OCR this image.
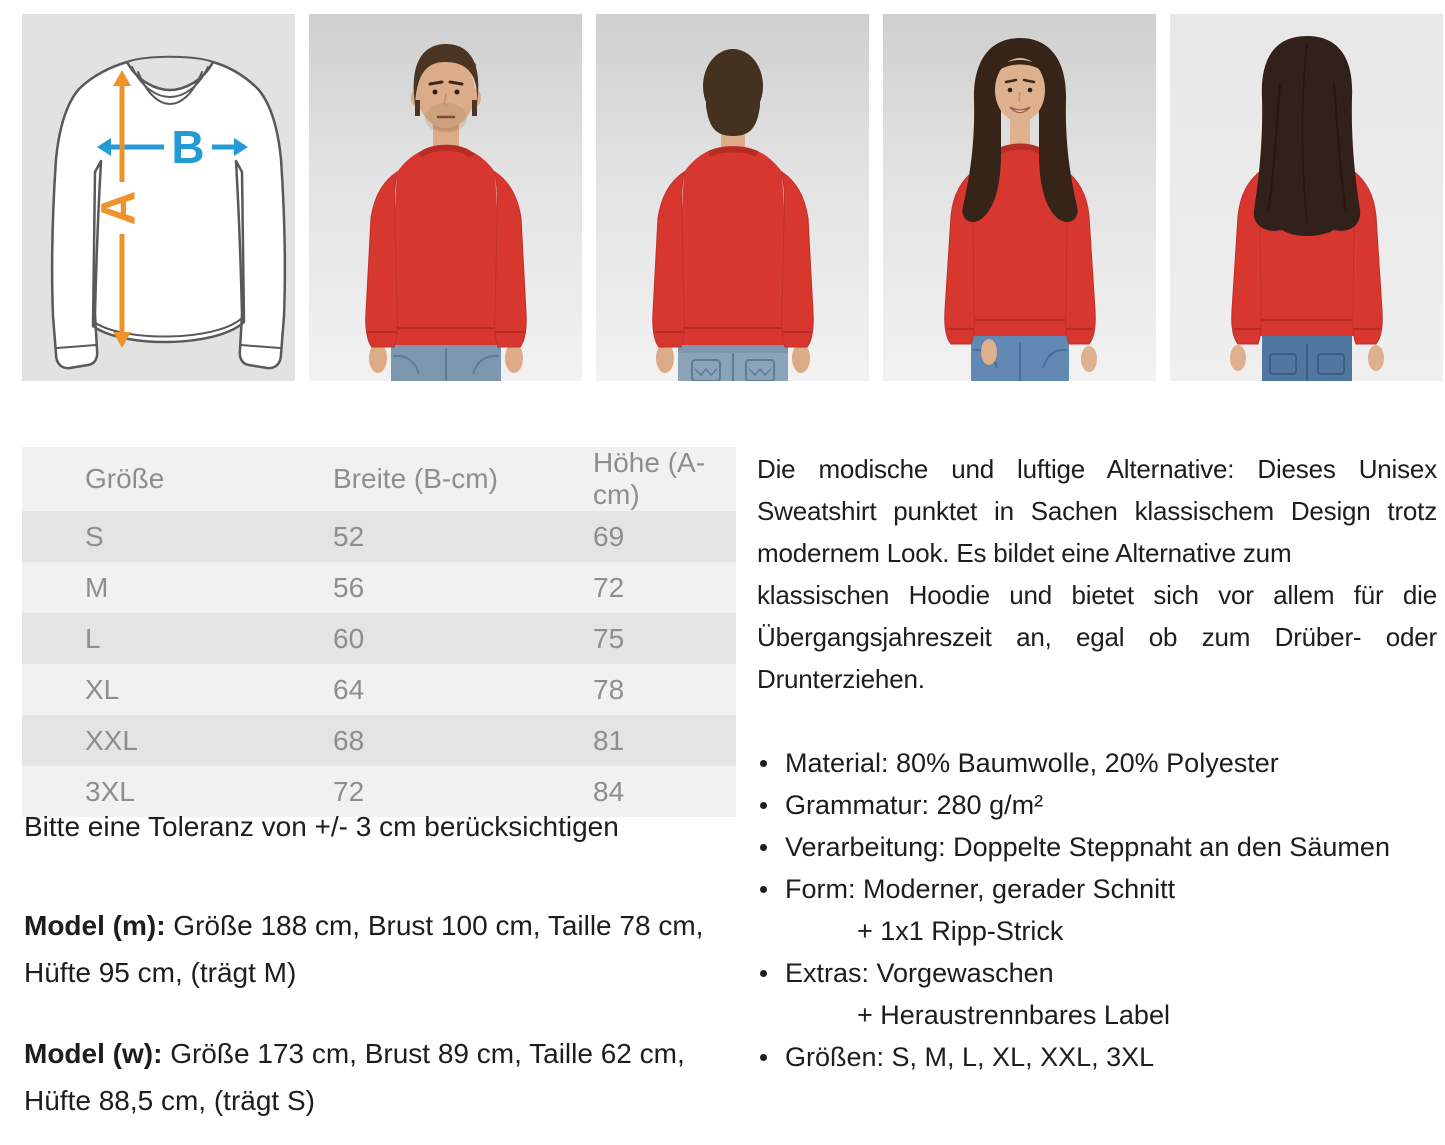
B
A
Größe	Breite (B-cm)	Höhe (A-cm)
S	52	69
M	56	72
L	60	75
XL	64	78
XXL	68	81
3XL	72	84

Bitte eine Toleranz von +/- 3 cm berücksichtigen

Model (m): Größe 188 cm, Brust 100 cm, Taille 78 cm,
Hüfte 95 cm, (trägt M)

Model (w): Größe 173 cm, Brust 89 cm, Taille 62 cm,
Hüfte 88,5 cm, (trägt S)

Die modische und luftige Alternative: Dieses Unisex
Sweatshirt punktet in Sachen klassischem Design trotz
modernem Look. Es bildet eine Alternative zum
klassischen Hoodie und bietet sich vor allem für die
Übergangsjahreszeit an, egal ob zum Drüber- oder
Drunterziehen.
Material: 80% Baumwolle, 20% Polyester
Grammatur: 280 g/m²
Verarbeitung: Doppelte Steppnaht an den Säumen
Form: Moderner, gerader Schnitt
+ 1x1 Ripp-Strick
Extras: Vorgewaschen
+ Heraustrennbares Label
Größen: S, M, L, XL, XXL, 3XL
